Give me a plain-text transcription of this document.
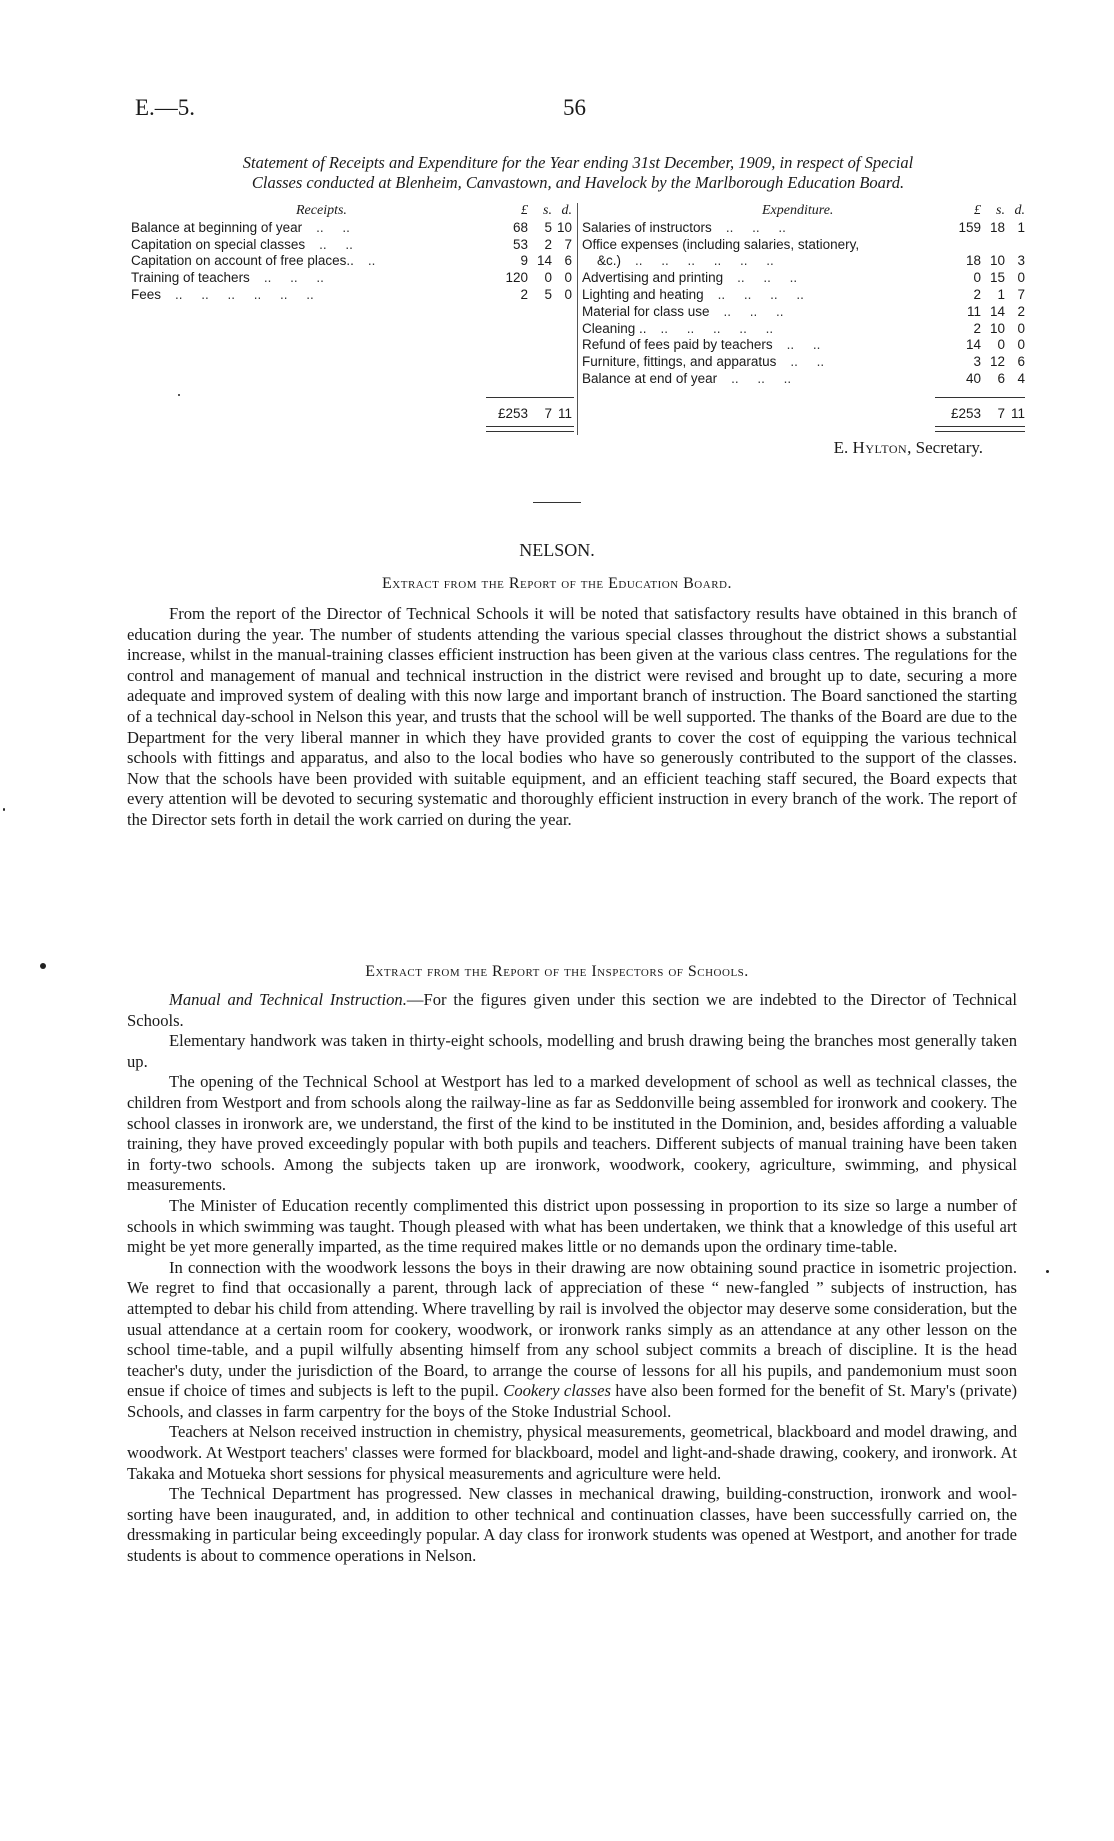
E.—5.	56
Statement of Receipts and Expenditure for the Year ending 31st December, 1909, in respect of Special
Classes conducted at Blenheim, Canvastown, and Havelock by the Marlborough Education Board.
Receipts.	£	s. d.
Balance at beginning of year ..     ..	68	5 10
Capitation on special classes ..     ..	53	2 7
Capitation on account of free places.. ..	9 14 6
Training of teachers ..     ..     ..	120	0 0
Fees ..     ..     ..     ..     ..     ..	2	5 0
£253	7 11
Expenditure.	£	s. d.
Salaries of instructors ..     ..     ..	159 18 1
Office expenses (including salaries, stationery,
&c.) ..     ..     ..     ..     ..     ..	18 10 3
Advertising and printing ..     ..     ..	0 15 0
Lighting and heating ..     ..     ..     ..	2	1 7
Material for class use ..     ..     ..	11 14 2
Cleaning .. ..     ..     ..     ..     ..	2 10 0
Refund of fees paid by teachers ..     ..	14	0 0
Furniture, fittings, and apparatus ..     ..	3 12 6
Balance at end of year ..     ..     ..	40	6 4
£253	7 11
E. Hylton, Secretary.
NELSON.
Extract from the Report of the Education Board.

From the report of the Director of Technical Schools it will be noted that satisfactory results have obtained in this branch of education during the year. The number of students attending the various special classes throughout the district shows a substantial increase, whilst in the manual-training classes efficient instruction has been given at the various class centres. The regulations for the control and management of manual and technical instruction in the district were revised and brought up to date, securing a more adequate and improved system of dealing with this now large and important branch of instruction. The Board sanctioned the starting of a technical day-school in Nelson this year, and trusts that the school will be well supported. The thanks of the Board are due to the Department for the very liberal manner in which they have provided grants to cover the cost of equipping the various technical schools with fittings and apparatus, and also to the local bodies who have so generously contributed to the support of the classes. Now that the schools have been provided with suitable equipment, and an efficient teaching staff secured, the Board expects that every attention will be devoted to securing systematic and thoroughly efficient instruction in every branch of the work. The report of the Director sets forth in detail the work carried on during the year.

Extract from the Report of the Inspectors of Schools.

Manual and Technical Instruction.—For the figures given under this section we are indebted to the Director of Technical Schools.

Elementary handwork was taken in thirty-eight schools, modelling and brush drawing being the branches most generally taken up.

The opening of the Technical School at Westport has led to a marked development of school as well as technical classes, the children from Westport and from schools along the railway-line as far as Seddonville being assembled for ironwork and cookery. The school classes in ironwork are, we understand, the first of the kind to be instituted in the Dominion, and, besides affording a valuable training, they have proved exceedingly popular with both pupils and teachers. Different subjects of manual training have been taken in forty-two schools. Among the subjects taken up are ironwork, woodwork, cookery, agriculture, swimming, and physical measurements.

The Minister of Education recently complimented this district upon possessing in proportion to its size so large a number of schools in which swimming was taught. Though pleased with what has been undertaken, we think that a knowledge of this useful art might be yet more generally imparted, as the time required makes little or no demands upon the ordinary time-table.

In connection with the woodwork lessons the boys in their drawing are now obtaining sound practice in isometric projection. We regret to find that occasionally a parent, through lack of appreciation of these “ new-fangled ” subjects of instruction, has attempted to debar his child from attending. Where travelling by rail is involved the objector may deserve some consideration, but the usual attendance at a certain room for cookery, woodwork, or ironwork ranks simply as an attendance at any other lesson on the school time-table, and a pupil wilfully absenting himself from any school subject commits a breach of discipline. It is the head teacher's duty, under the jurisdiction of the Board, to arrange the course of lessons for all his pupils, and pandemonium must soon ensue if choice of times and subjects is left to the pupil. Cookery classes have also been formed for the benefit of St. Mary's (private) Schools, and classes in farm carpentry for the boys of the Stoke Industrial School.

Teachers at Nelson received instruction in chemistry, physical measurements, geometrical, blackboard and model drawing, and woodwork. At Westport teachers' classes were formed for blackboard, model and light-and-shade drawing, cookery, and ironwork. At Takaka and Motueka short sessions for physical measurements and agriculture were held.

The Technical Department has progressed. New classes in mechanical drawing, building-construction, ironwork and wool-sorting have been inaugurated, and, in addition to other technical and continuation classes, have been successfully carried on, the dressmaking in particular being exceedingly popular. A day class for ironwork students was opened at Westport, and another for trade students is about to commence operations in Nelson.
